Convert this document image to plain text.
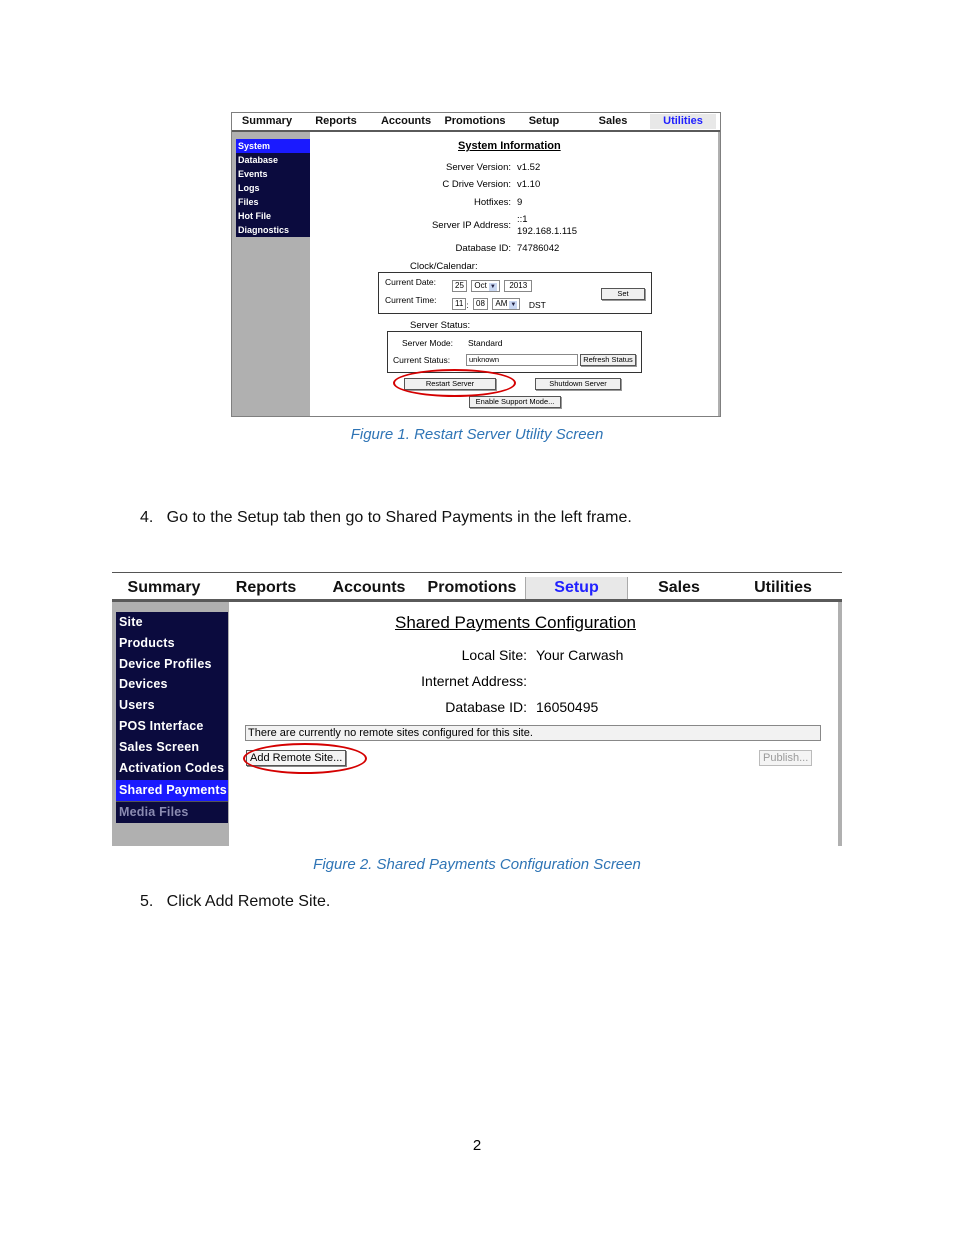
Summary	Reports	Accounts	Promotions	Setup	Sales	Utilities
System
Database
Events
Logs
Files
Hot File
Diagnostics
System Information
Server Version: v1.52
C Drive Version: v1.10
Hotfixes: 9
Server IP Address:
::1
192.168.1.115
Database ID: 74786042
Clock/Calendar:
Current Date:	25 Oct ▼ 2013
Current Time:	11 : 08 AM ▼ DST
Set
Server Status:
Server Mode: Standard
Current Status:	unknown	Refresh Status
Restart Server	Shutdown Server
Enable Support Mode...
Figure 1. Restart Server Utility Screen
4.   Go to the Setup tab then go to Shared Payments in the left frame.
Summary	Reports	Accounts	Promotions	Setup	Sales	Utilities
Site
Products
Device Profiles
Devices
Users
POS Interface
Sales Screen
Activation Codes
Shared Payments
Media Files
Shared Payments Configuration
Local Site: Your Carwash
Internet Address:
Database ID: 16050495
There are currently no remote sites configured for this site.
Add Remote Site...	Publish...
Figure 2. Shared Payments Configuration Screen
5.   Click Add Remote Site.
2
